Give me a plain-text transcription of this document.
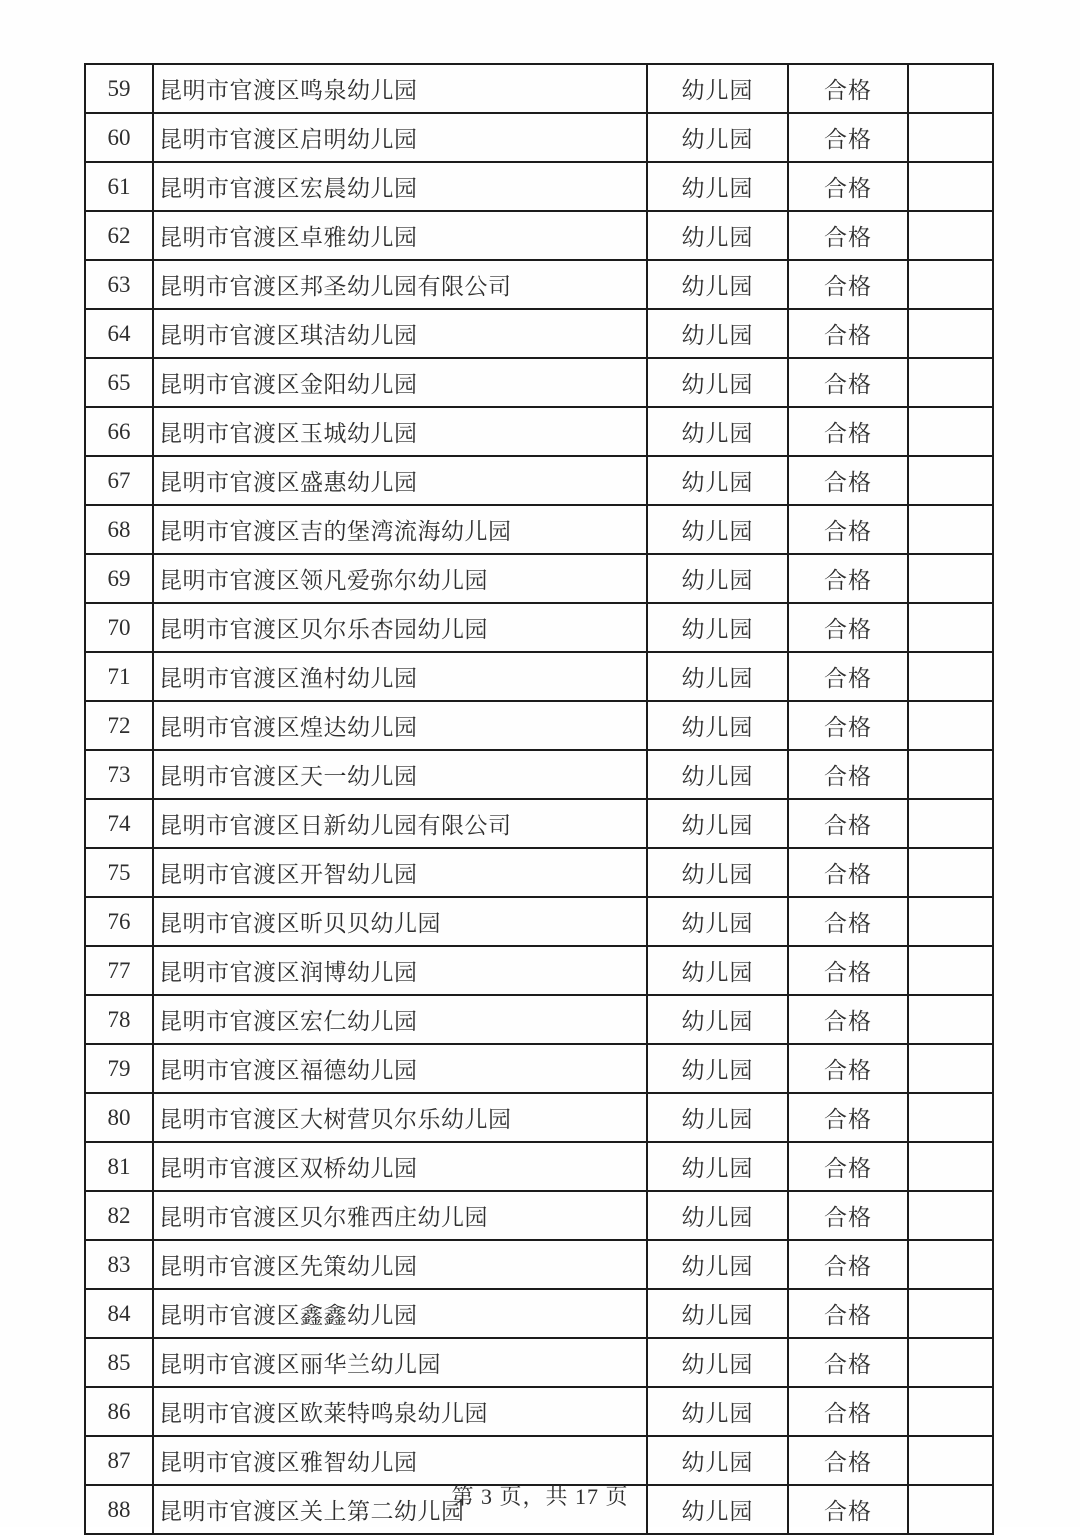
59	昆明市官渡区鸣泉幼儿园	幼儿园	合格	
60	昆明市官渡区启明幼儿园	幼儿园	合格	
61	昆明市官渡区宏晨幼儿园	幼儿园	合格	
62	昆明市官渡区卓雅幼儿园	幼儿园	合格	
63	昆明市官渡区邦圣幼儿园有限公司	幼儿园	合格	
64	昆明市官渡区琪洁幼儿园	幼儿园	合格	
65	昆明市官渡区金阳幼儿园	幼儿园	合格	
66	昆明市官渡区玉城幼儿园	幼儿园	合格	
67	昆明市官渡区盛惠幼儿园	幼儿园	合格	
68	昆明市官渡区吉的堡湾流海幼儿园	幼儿园	合格	
69	昆明市官渡区领凡爱弥尔幼儿园	幼儿园	合格	
70	昆明市官渡区贝尔乐杏园幼儿园	幼儿园	合格	
71	昆明市官渡区渔村幼儿园	幼儿园	合格	
72	昆明市官渡区煌达幼儿园	幼儿园	合格	
73	昆明市官渡区天一幼儿园	幼儿园	合格	
74	昆明市官渡区日新幼儿园有限公司	幼儿园	合格	
75	昆明市官渡区开智幼儿园	幼儿园	合格	
76	昆明市官渡区昕贝贝幼儿园	幼儿园	合格	
77	昆明市官渡区润博幼儿园	幼儿园	合格	
78	昆明市官渡区宏仁幼儿园	幼儿园	合格	
79	昆明市官渡区福德幼儿园	幼儿园	合格	
80	昆明市官渡区大树营贝尔乐幼儿园	幼儿园	合格	
81	昆明市官渡区双桥幼儿园	幼儿园	合格	
82	昆明市官渡区贝尔雅西庄幼儿园	幼儿园	合格	
83	昆明市官渡区先策幼儿园	幼儿园	合格	
84	昆明市官渡区鑫鑫幼儿园	幼儿园	合格	
85	昆明市官渡区丽华兰幼儿园	幼儿园	合格	
86	昆明市官渡区欧莱特鸣泉幼儿园	幼儿园	合格	
87	昆明市官渡区雅智幼儿园	幼儿园	合格	
88	昆明市官渡区关上第二幼儿园	幼儿园	合格	
第 3 页，共 17 页
